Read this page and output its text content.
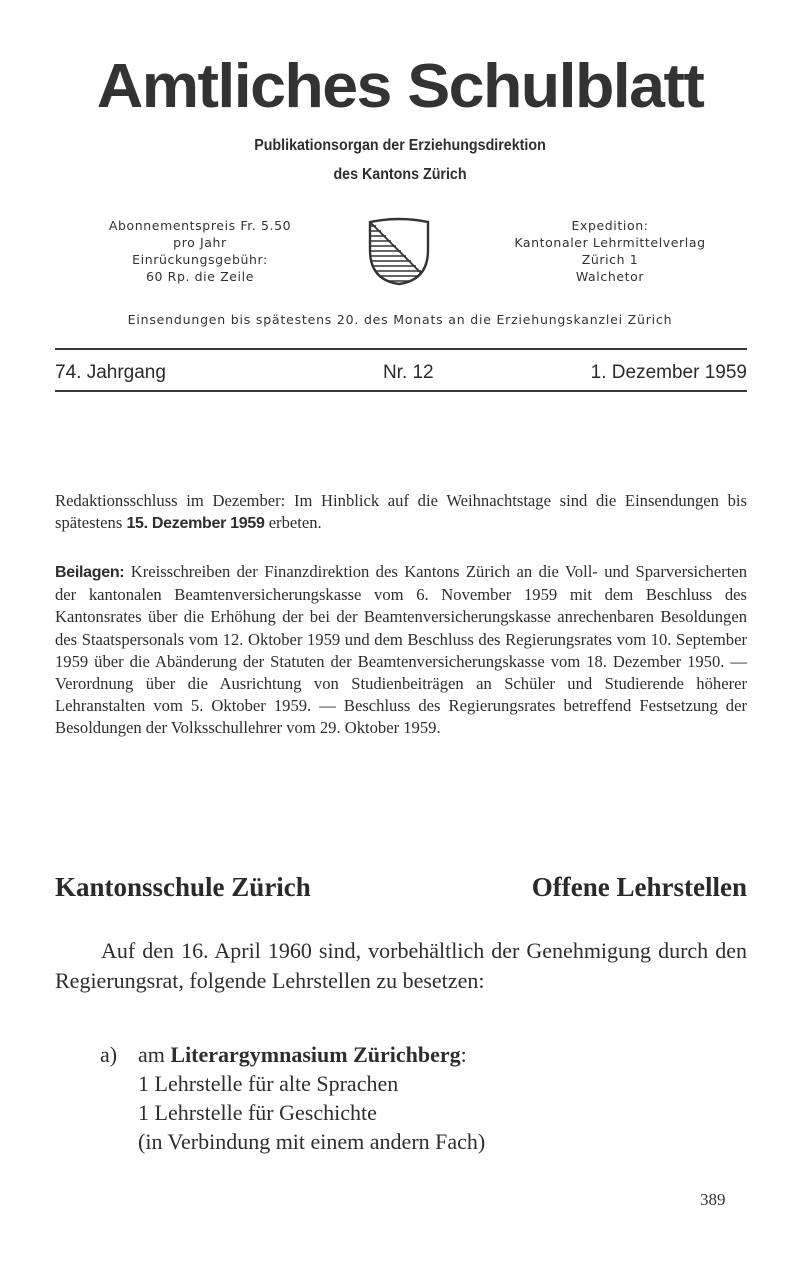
Amtliches Schulblatt
Publikationsorgan der Erziehungsdirektion
des Kantons Zürich
Abonnementspreis Fr. 5.50
pro Jahr
Einrückungsgebühr:
60 Rp. die Zeile
Expedition:
Kantonaler Lehrmittelverlag
Zürich 1
Walchetor
Einsendungen bis spätestens 20. des Monats an die Erziehungskanzlei Zürich
74. Jahrgang	Nr. 12	1. Dezember 1959
Redaktionsschluss im Dezember: Im Hinblick auf die Weihnachtstage sind die Einsendungen bis spätestens 15. Dezember 1959 erbeten.
Beilagen: Kreisschreiben der Finanzdirektion des Kantons Zürich an die Voll- und Sparversicherten der kantonalen Beamtenversicherungskasse vom 6. November 1959 mit dem Beschluss des Kantonsrates über die Erhöhung der bei der Beamtenversicherungskasse anrechenbaren Besoldungen des Staatspersonals vom 12. Oktober 1959 und dem Beschluss des Regierungsrates vom 10. September 1959 über die Abänderung der Statuten der Beamtenversicherungskasse vom 18. Dezember 1950. — Verordnung über die Ausrichtung von Studienbeiträgen an Schüler und Studierende höherer Lehranstalten vom 5. Oktober 1959. — Beschluss des Regierungsrates betreffend Festsetzung der Besoldungen der Volksschullehrer vom 29. Oktober 1959.
Kantonsschule Zürich	Offene Lehrstellen
Auf den 16. April 1960 sind, vorbehältlich der Genehmigung durch den Regierungsrat, folgende Lehrstellen zu besetzen:
a) am Literargymnasium Zürichberg:
1 Lehrstelle für alte Sprachen
1 Lehrstelle für Geschichte
(in Verbindung mit einem andern Fach)
389
